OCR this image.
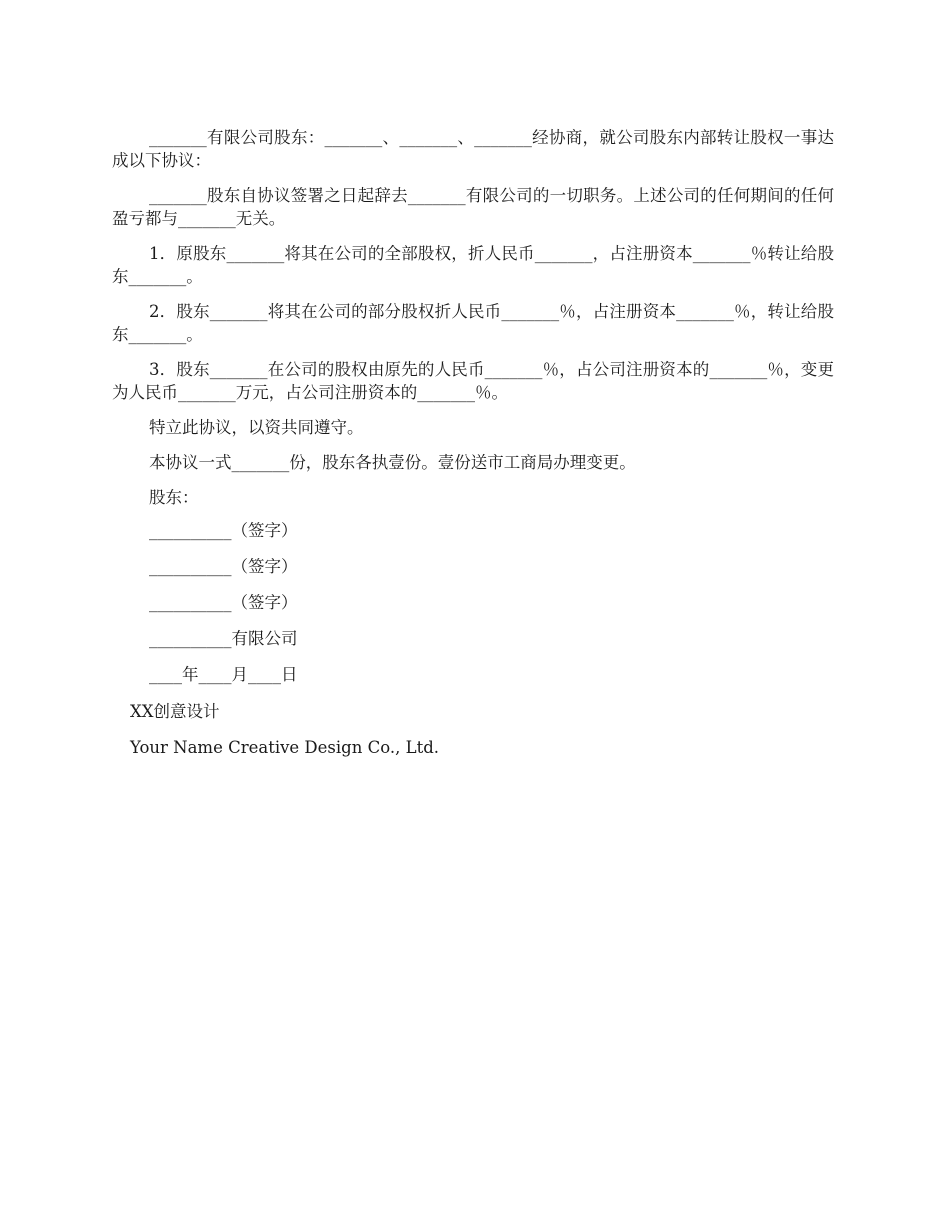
_______有限公司股东：_______、_______、_______经协商，就公司股东内部转让股权一事达成以下协议：

_______股东自协议签署之日起辞去_______有限公司的一切职务。上述公司的任何期间的任何盈亏都与_______无关。

1．原股东_______将其在公司的全部股权，折人民币_______，占注册资本_______％转让给股东_______。

2．股东_______将其在公司的部分股权折人民币_______％，占注册资本_______％，转让给股东_______。

3．股东_______在公司的股权由原先的人民币_______％，占公司注册资本的_______％，变更为人民币_______万元，占公司注册资本的_______％。

特立此协议，以资共同遵守。

本协议一式_______份，股东各执壹份。壹份送市工商局办理变更。

股东：

__________（签字）
__________（签字）
__________（签字）
__________有限公司
____年____月____日
XX创意设计
Your Name Creative Design Co., Ltd.
